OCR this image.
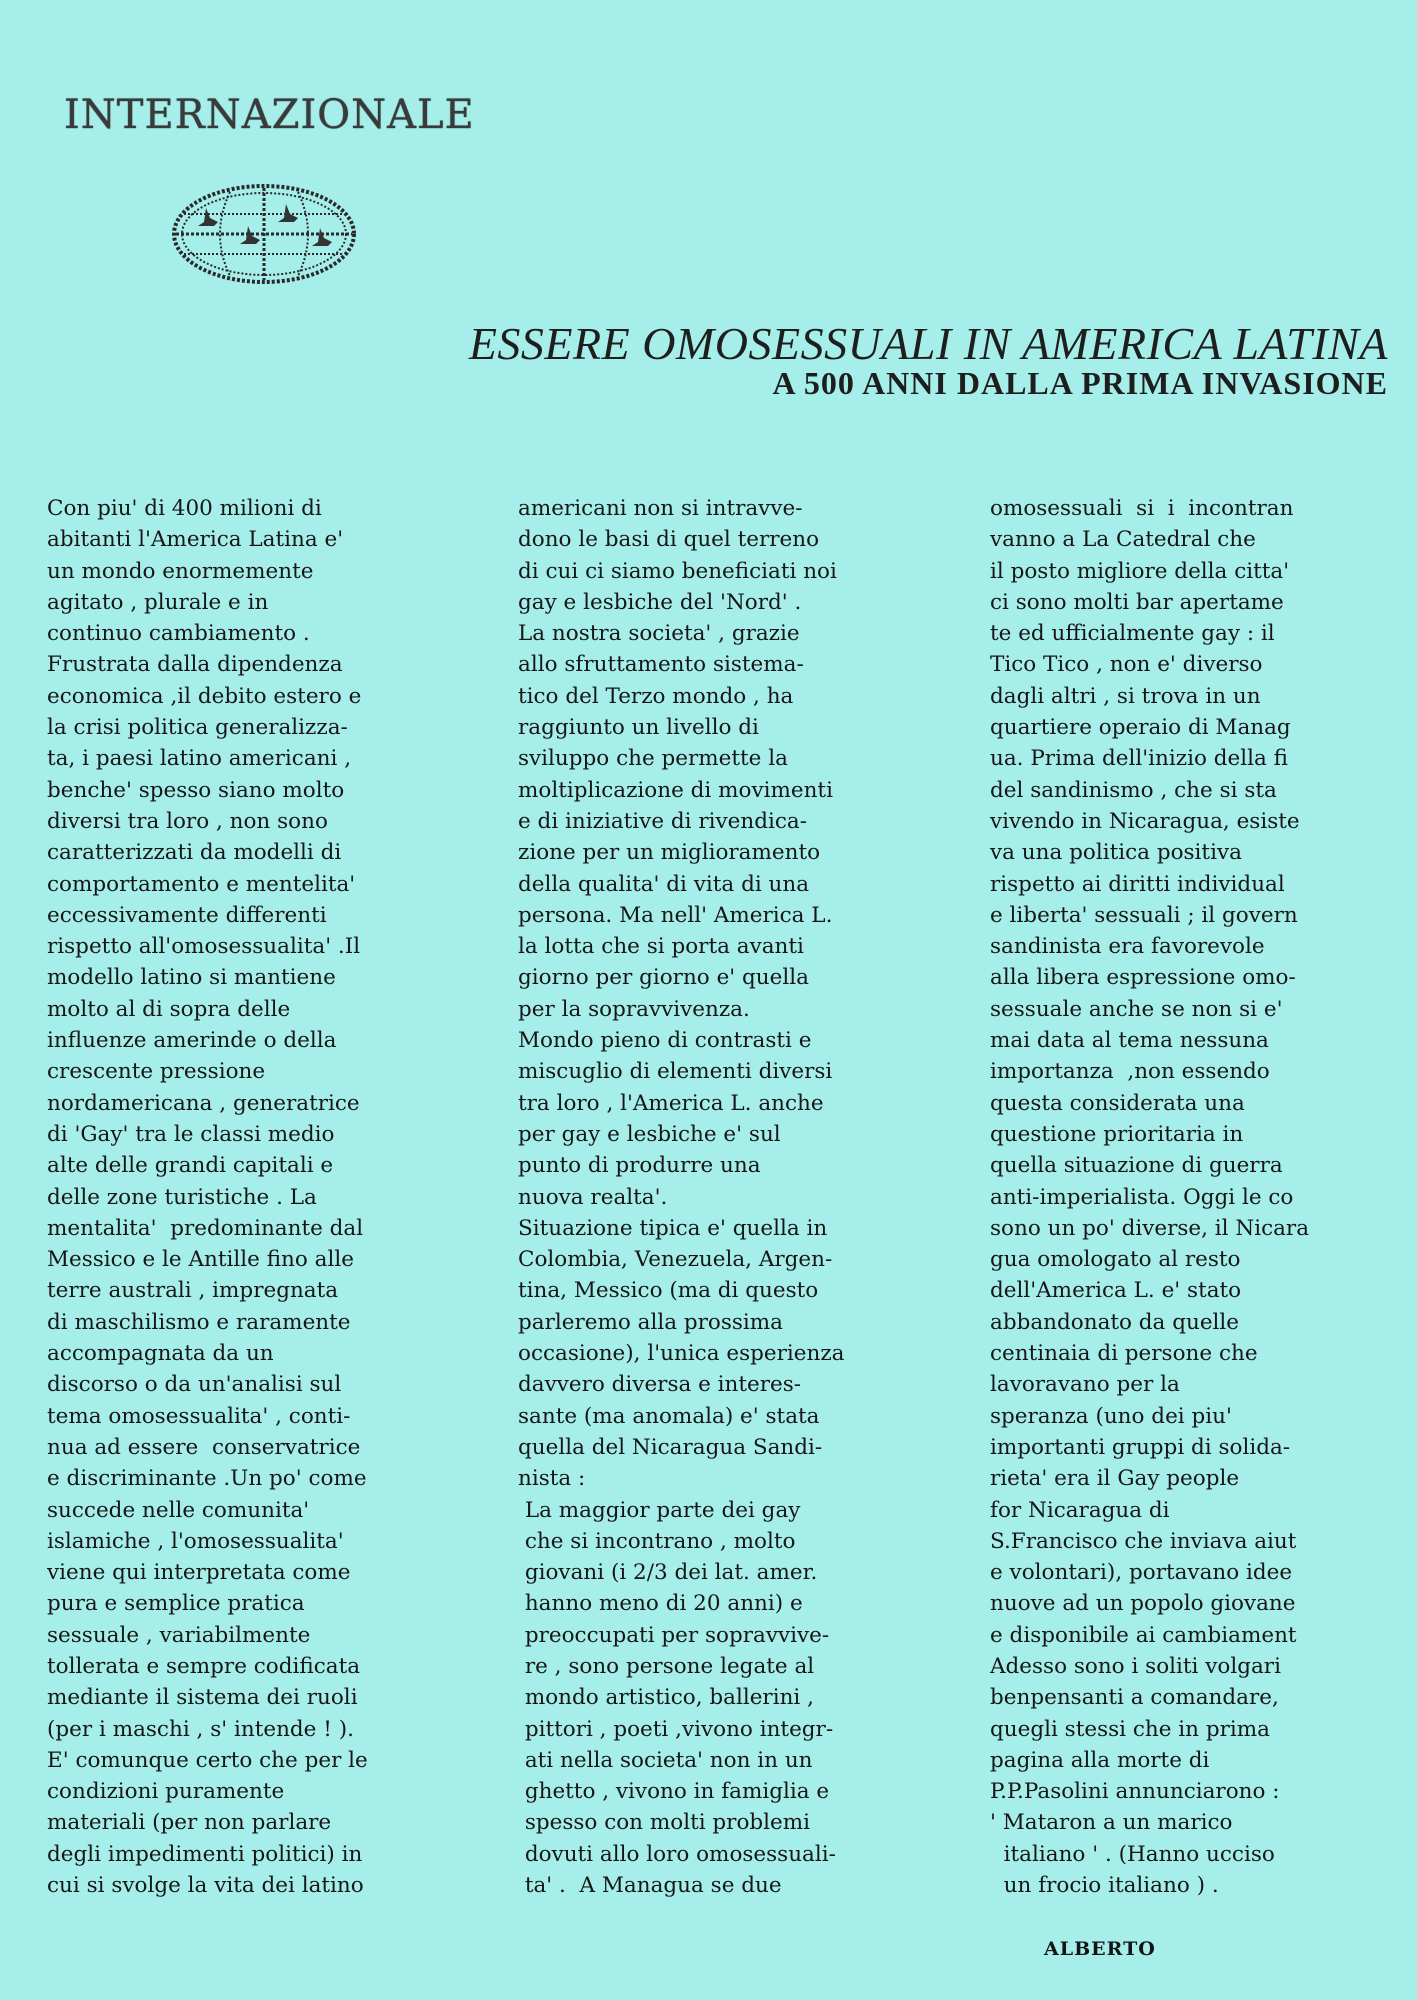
INTERNAZIONALE
ESSERE OMOSESSUALI IN AMERICA LATINA
A 500 ANNI DALLA PRIMA INVASIONE
Con piu' di 400 milioni di
abitanti l'America Latina e'
un mondo enormemente
agitato , plurale e in
continuo cambiamento .
Frustrata dalla dipendenza
economica ,il debito estero e
la crisi politica generalizza-
ta, i paesi latino americani ,
benche' spesso siano molto
diversi tra loro , non sono
caratterizzati da modelli di
comportamento e mentelita'
eccessivamente differenti
rispetto all'omosessualita' .Il
modello latino si mantiene
molto al di sopra delle
influenze amerinde o della
crescente pressione
nordamericana , generatrice
di 'Gay' tra le classi medio
alte delle grandi capitali e
delle zone turistiche . La
mentalita'  predominante dal
Messico e le Antille fino alle
terre australi , impregnata
di maschilismo e raramente
accompagnata da un
discorso o da un'analisi sul
tema omosessualita' , conti-
nua ad essere  conservatrice
e discriminante .Un po' come
succede nelle comunita'
islamiche , l'omosessualita'
viene qui interpretata come
pura e semplice pratica
sessuale , variabilmente
tollerata e sempre codificata
mediante il sistema dei ruoli
(per i maschi , s' intende ! ).
E' comunque certo che per le
condizioni puramente
materiali (per non parlare
degli impedimenti politici) in
cui si svolge la vita dei latino
americani non si intravve-
dono le basi di quel terreno
di cui ci siamo beneficiati noi
gay e lesbiche del 'Nord' .
La nostra societa' , grazie
allo sfruttamento sistema-
tico del Terzo mondo , ha
raggiunto un livello di
sviluppo che permette la
moltiplicazione di movimenti
e di iniziative di rivendica-
zione per un miglioramento
della qualita' di vita di una
persona. Ma nell' America L.
la lotta che si porta avanti
giorno per giorno e' quella
per la sopravvivenza.
Mondo pieno di contrasti e
miscuglio di elementi diversi
tra loro , l'America L. anche
per gay e lesbiche e' sul
punto di produrre una
nuova realta'.
Situazione tipica e' quella in
Colombia, Venezuela, Argen-
tina, Messico (ma di questo
parleremo alla prossima
occasione), l'unica esperienza
davvero diversa e interes-
sante (ma anomala) e' stata
quella del Nicaragua Sandi-
nista :
La maggior parte dei gay
che si incontrano , molto
giovani (i 2/3 dei lat. amer.
hanno meno di 20 anni) e
preoccupati per sopravvive-
re , sono persone legate al
mondo artistico, ballerini ,
pittori , poeti ,vivono integr-
ati nella societa' non in un
ghetto , vivono in famiglia e
spesso con molti problemi
dovuti allo loro omosessuali-
ta' .  A Managua se due
omosessuali  si  i  incontran
vanno a La Catedral che
il posto migliore della citta'
ci sono molti bar apertame
te ed ufficialmente gay : il
Tico Tico , non e' diverso
dagli altri , si trova in un
quartiere operaio di Manag
ua. Prima dell'inizio della fi
del sandinismo , che si sta
vivendo in Nicaragua, esiste
va una politica positiva
rispetto ai diritti individual
e liberta' sessuali ; il govern
sandinista era favorevole
alla libera espressione omo-
sessuale anche se non si e'
mai data al tema nessuna
importanza  ,non essendo
questa considerata una
questione prioritaria in
quella situazione di guerra
anti-imperialista. Oggi le co
sono un po' diverse, il Nicara
gua omologato al resto
dell'America L. e' stato
abbandonato da quelle
centinaia di persone che
lavoravano per la
speranza (uno dei piu'
importanti gruppi di solida-
rieta' era il Gay people
for Nicaragua di
S.Francisco che inviava aiut
e volontari), portavano idee
nuove ad un popolo giovane
e disponibile ai cambiament
Adesso sono i soliti volgari
benpensanti a comandare,
quegli stessi che in prima
pagina alla morte di
P.P.Pasolini annunciarono :
' Mataron a un marico
italiano ' . (Hanno ucciso
un frocio italiano ) .
ALBERTO
